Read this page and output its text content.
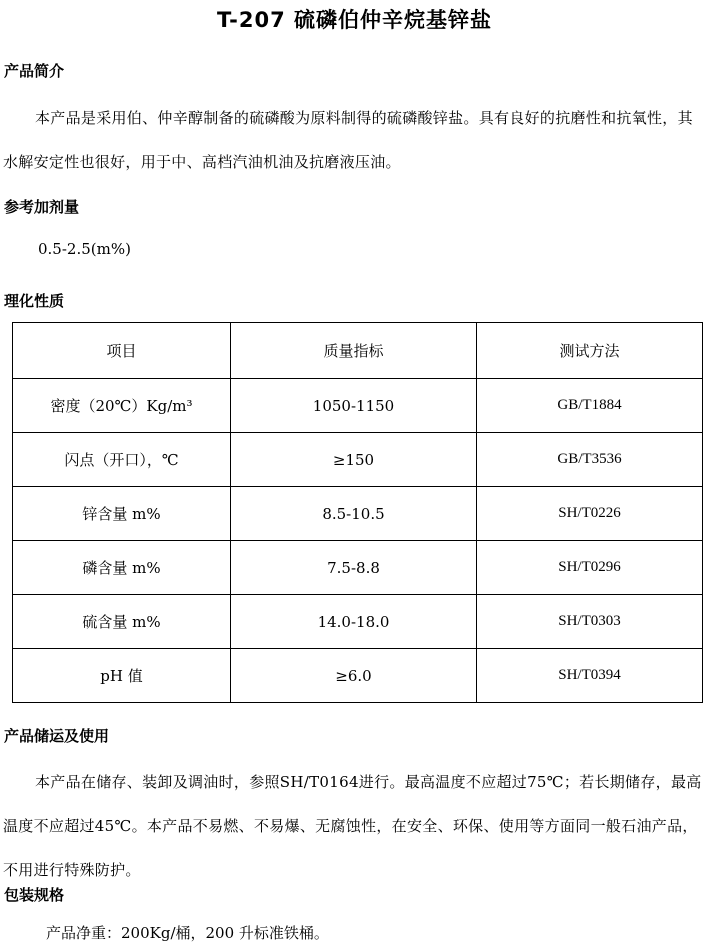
T-207 硫磷伯仲辛烷基锌盐
产品简介
本产品是采用伯、仲辛醇制备的硫磷酸为原料制得的硫磷酸锌盐。具有良好的抗磨性和抗氧性，其水解安定性也很好，用于中、高档汽油机油及抗磨液压油。
参考加剂量
0.5-2.5(m%)
理化性质
项目	质量指标	测试方法
密度（20℃）Kg/m³	1050-1150	GB/T1884
闪点（开口），℃	≥150	GB/T3536
锌含量 m%	8.5-10.5	SH/T0226
磷含量 m%	7.5-8.8	SH/T0296
硫含量 m%	14.0-18.0	SH/T0303
pH 值	≥6.0	SH/T0394
产品储运及使用
本产品在储存、装卸及调油时，参照SH/T0164进行。最高温度不应超过75℃；若长期储存，最高温度不应超过45℃。本产品不易燃、不易爆、无腐蚀性，在安全、环保、使用等方面同一般石油产品，不用进行特殊防护。
包装规格
产品净重：200Kg/桶，200 升标准铁桶。
